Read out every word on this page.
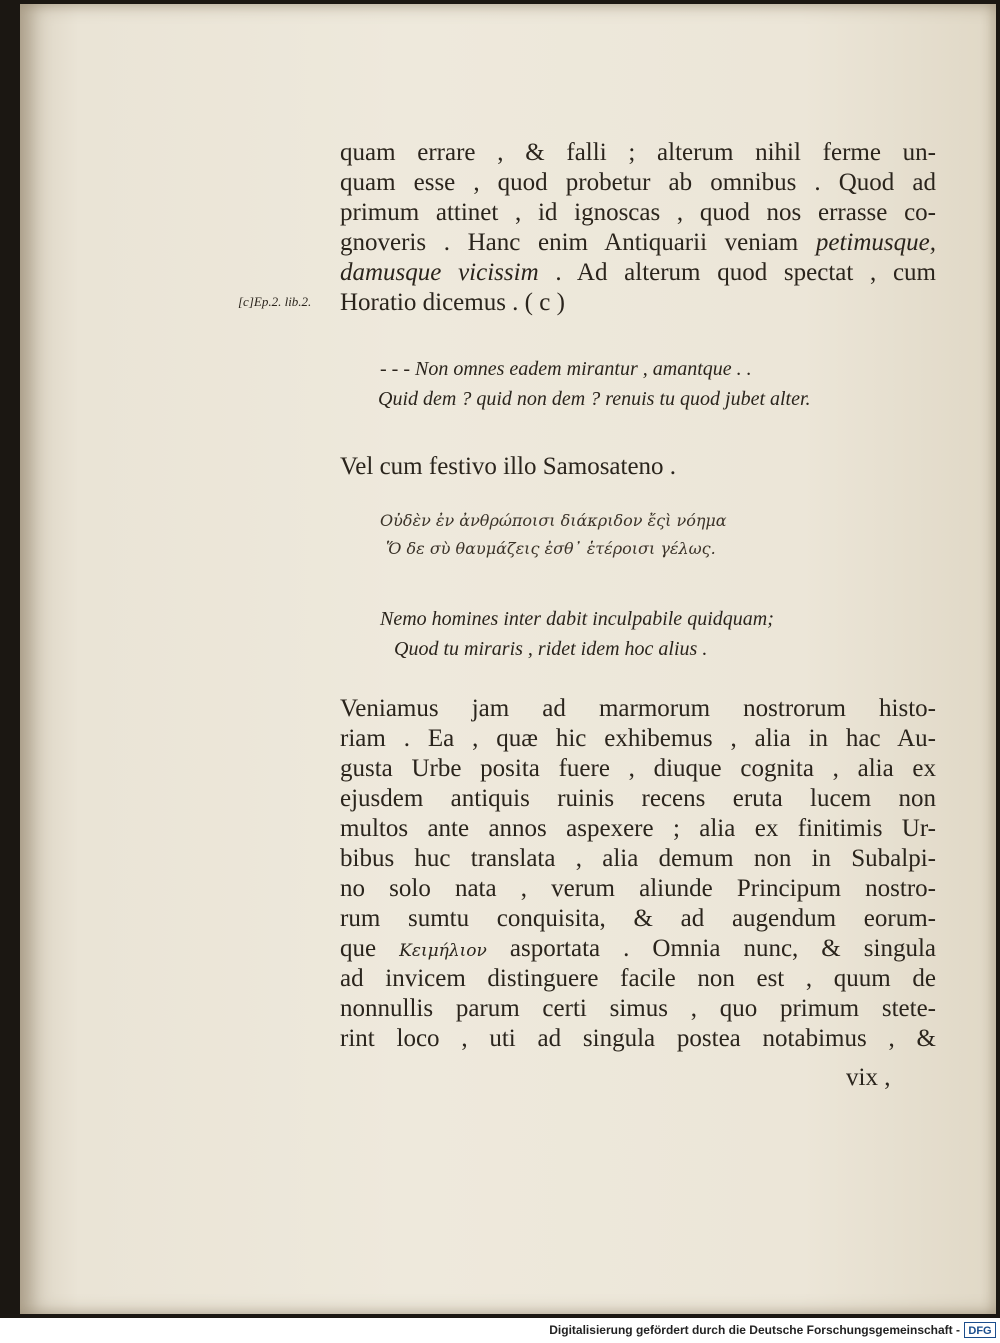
quam errare , & falli ; alterum nihil ferme un-
quam esse , quod probetur ab omnibus . Quod ad
primum attinet , id ignoscas , quod nos errasse co-
gnoveris . Hanc enim Antiquarii veniam petimusque,
damusque vicissim . Ad alterum quod spectat , cum
Horatio dicemus . ( c )
[c]Ep.2. lib.2.
- - - Non omnes eadem mirantur , amantque . .
Quid dem ? quid non dem ? renuis tu quod jubet alter.
Vel cum festivo illo Samosateno .
Οὐδὲν ἐν ἀνθρώποισι διάκριδον ἔςὶ νόημα
Ὅ δε σὺ θαυμάζεις ἐσθ᾽ ἑτέροισι γέλως.
Nemo homines inter dabit inculpabile quidquam;
Quod tu miraris , ridet idem hoc alius .
Veniamus jam ad marmorum nostrorum histo-
riam . Ea , quæ hic exhibemus , alia in hac Au-
gusta Urbe posita fuere , diuque cognita , alia ex
ejusdem antiquis ruinis recens eruta lucem non
multos ante annos aspexere ; alia ex finitimis Ur-
bibus huc translata , alia demum non in Subalpi-
no solo nata , verum aliunde Principum nostro-
rum sumtu conquisita, & ad augendum eorum-
que Κειμήλιον asportata . Omnia nunc, & singula
ad invicem distinguere facile non est , quum de
nonnullis parum certi simus , quo primum stete-
rint loco , uti ad singula postea notabimus , &
vix ,
Digitalisierung gefördert durch die Deutsche Forschungsgemeinschaft - DFG
